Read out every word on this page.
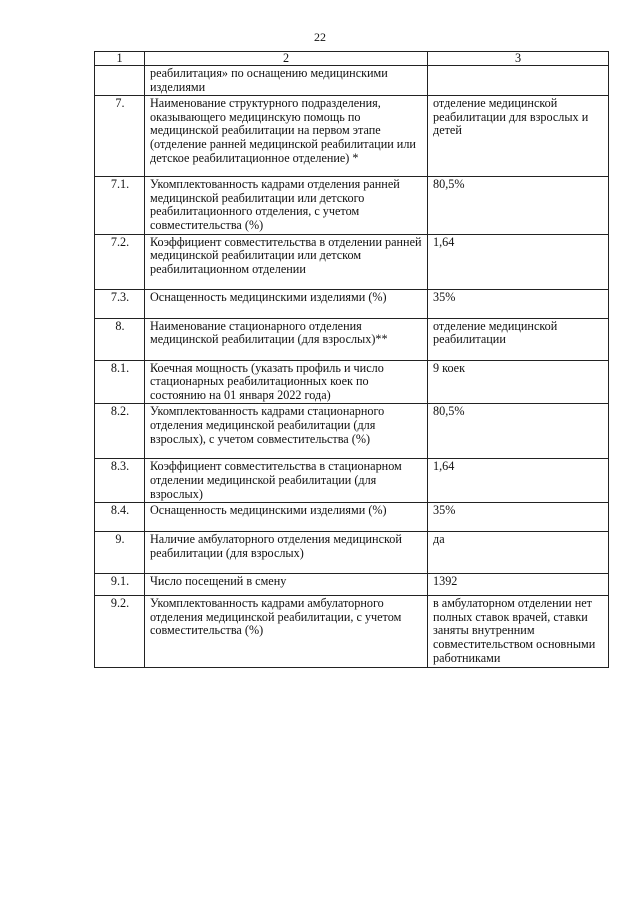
22
1	2	3
	реабилитация» по оснащению медицинскими изделиями	
7.	Наименование структурного подразделения, оказывающего медицинскую помощь по медицинской реабилитации на первом этапе (отделение ранней медицинской реабилитации или детское реабилитационное отделение) *	отделение медицинской реабилитации для взрослых и детей
7.1.	Укомплектованность кадрами отделения ранней медицинской реабилитации или детского реабилитационного отделения, с учетом совместительства (%)	80,5%
7.2.	Коэффициент совместительства в отделении ранней медицинской реабилитации или детском реабилитационном отделении	1,64
7.3.	Оснащенность медицинскими изделиями (%)	35%
8.	Наименование стационарного отделения медицинской реабилитации (для взрослых)**	отделение медицинской реабилитации
8.1.	Коечная мощность (указать профиль и число стационарных реабилитационных коек по состоянию на 01 января 2022 года)	9 коек
8.2.	Укомплектованность кадрами стационарного отделения медицинской реабилитации (для взрослых), с учетом совместительства (%)	80,5%
8.3.	Коэффициент совместительства в стационарном отделении медицинской реабилитации (для взрослых)	1,64
8.4.	Оснащенность медицинскими изделиями (%)	35%
9.	Наличие амбулаторного отделения медицинской реабилитации (для взрослых)	да
9.1.	Число посещений в смену	1392
9.2.	Укомплектованность кадрами амбулаторного отделения медицинской реабилитации, с учетом совместительства (%)	в амбулаторном отделении нет полных ставок врачей, ставки заняты внутренним совместительством основными работниками
